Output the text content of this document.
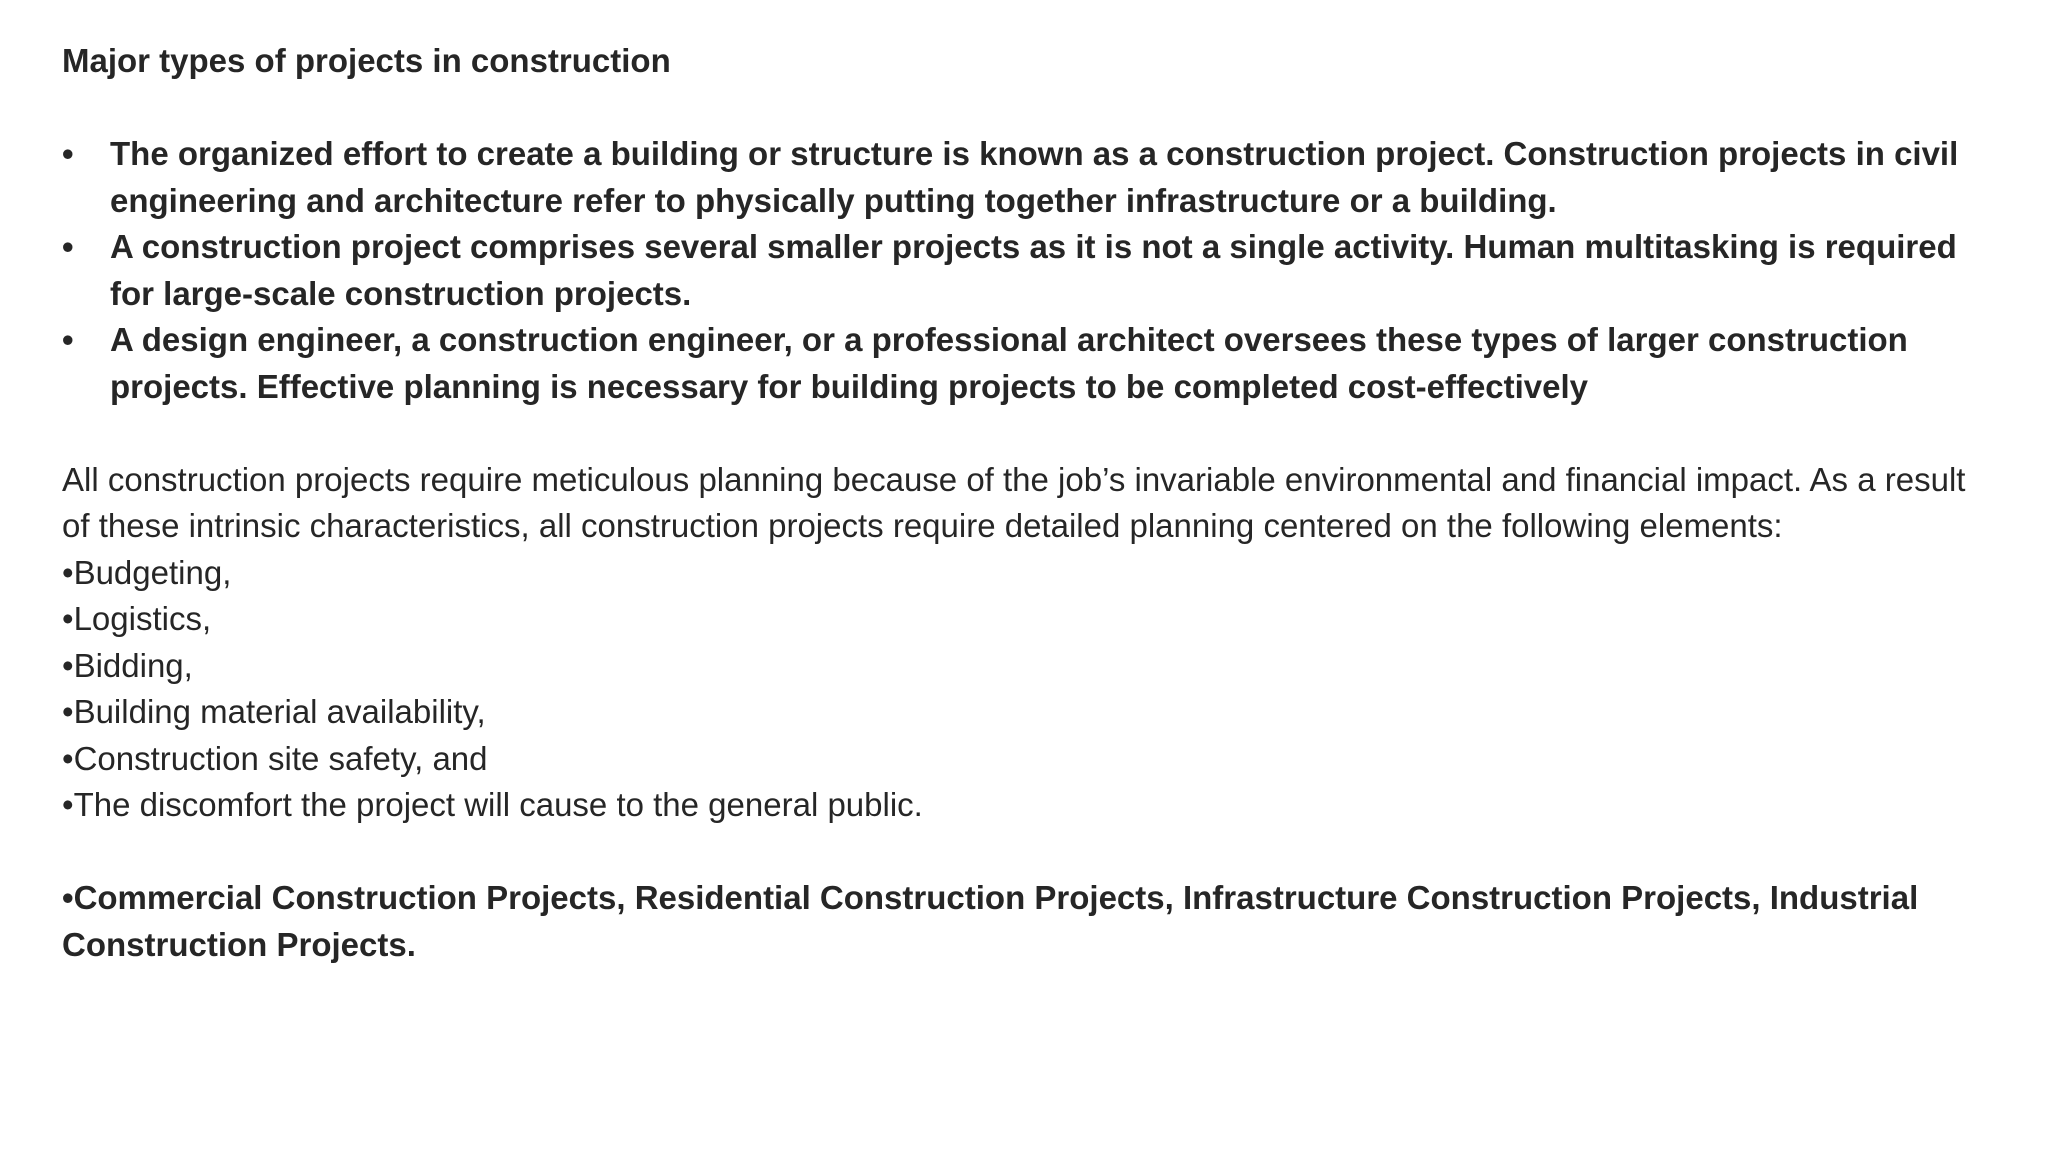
Major types of projects in construction

• The organized effort to create a building or structure is known as a construction project. Construction projects in civil engineering and architecture refer to physically putting together infrastructure or a building.
• A construction project comprises several smaller projects as it is not a single activity. Human multitasking is required for large-scale construction projects.
• A design engineer, a construction engineer, or a professional architect oversees these types of larger construction projects. Effective planning is necessary for building projects to be completed cost-effectively

All construction projects require meticulous planning because of the job’s invariable environmental and financial impact. As a result of these intrinsic characteristics, all construction projects require detailed planning centered on the following elements:

•Budgeting,
•Logistics,
•Bidding,
•Building material availability,
•Construction site safety, and
•The discomfort the project will cause to the general public.

•Commercial Construction Projects, Residential Construction Projects, Infrastructure Construction Projects, Industrial Construction Projects.
